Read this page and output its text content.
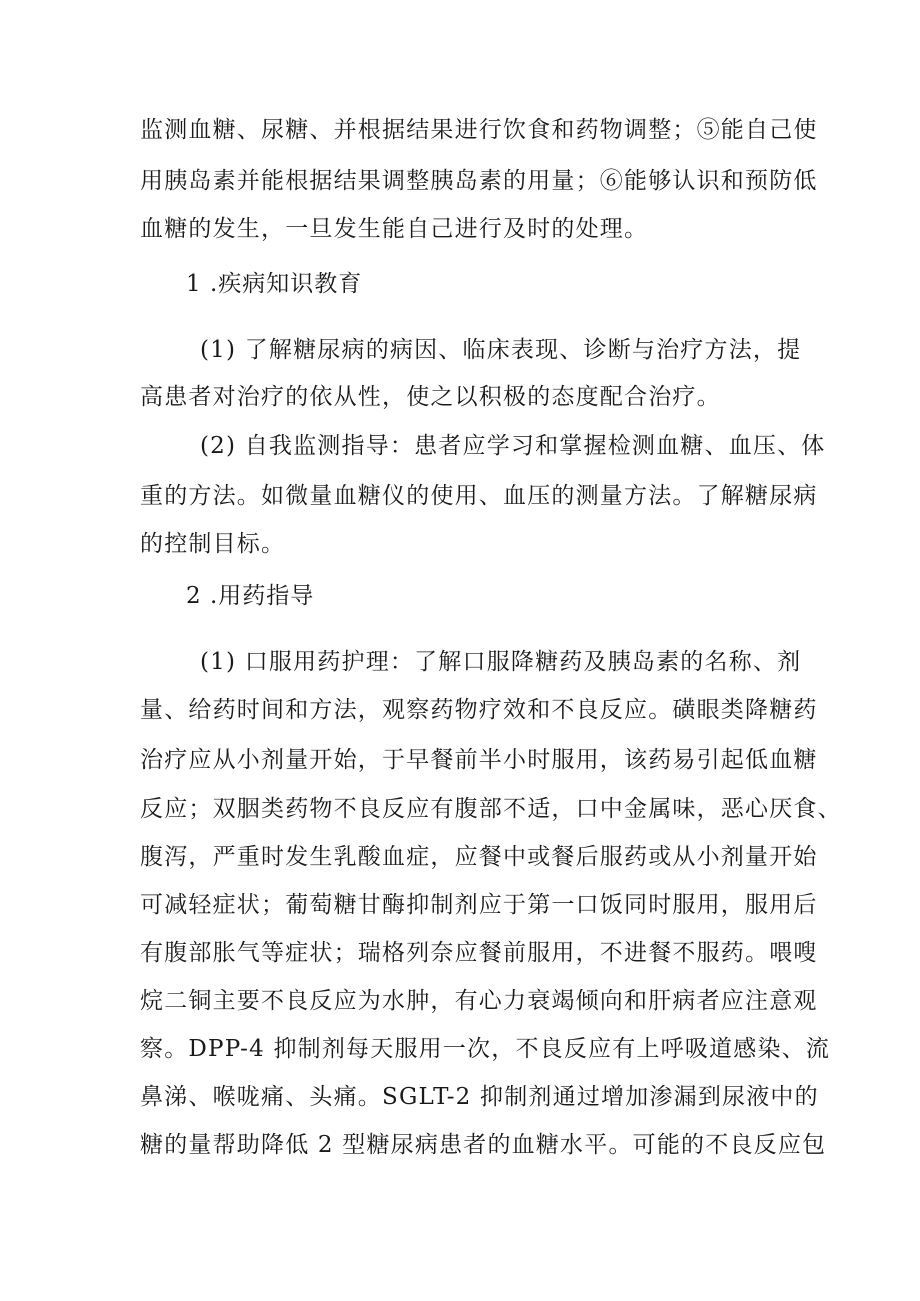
监测血糖、尿糖、并根据结果进行饮食和药物调整；⑤能自己使
用胰岛素并能根据结果调整胰岛素的用量；⑥能够认识和预防低
血糖的发生，一旦发生能自己进行及时的处理。
1 .疾病知识教育
(1) 了解糖尿病的病因、临床表现、诊断与治疗方法，提
高患者对治疗的依从性，使之以积极的态度配合治疗。
(2) 自我监测指导：患者应学习和掌握检测血糖、血压、体
重的方法。如微量血糖仪的使用、血压的测量方法。了解糖尿病
的控制目标。
2 .用药指导
(1) 口服用药护理：了解口服降糖药及胰岛素的名称、剂
量、给药时间和方法，观察药物疗效和不良反应。磺眼类降糖药
治疗应从小剂量开始，于早餐前半小时服用，该药易引起低血糖
反应；双胭类药物不良反应有腹部不适，口中金属味，恶心厌食、
腹泻，严重时发生乳酸血症，应餐中或餐后服药或从小剂量开始
可减轻症状；葡萄糖甘酶抑制剂应于第一口饭同时服用，服用后
有腹部胀气等症状；瑞格列奈应餐前服用，不进餐不服药。喂嗖
烷二铜主要不良反应为水肿，有心力衰竭倾向和肝病者应注意观
察。DPP-4 抑制剂每天服用一次，不良反应有上呼吸道感染、流
鼻涕、喉咙痛、头痛。SGLT-2 抑制剂通过增加渗漏到尿液中的
糖的量帮助降低 2 型糖尿病患者的血糖水平。可能的不良反应包
